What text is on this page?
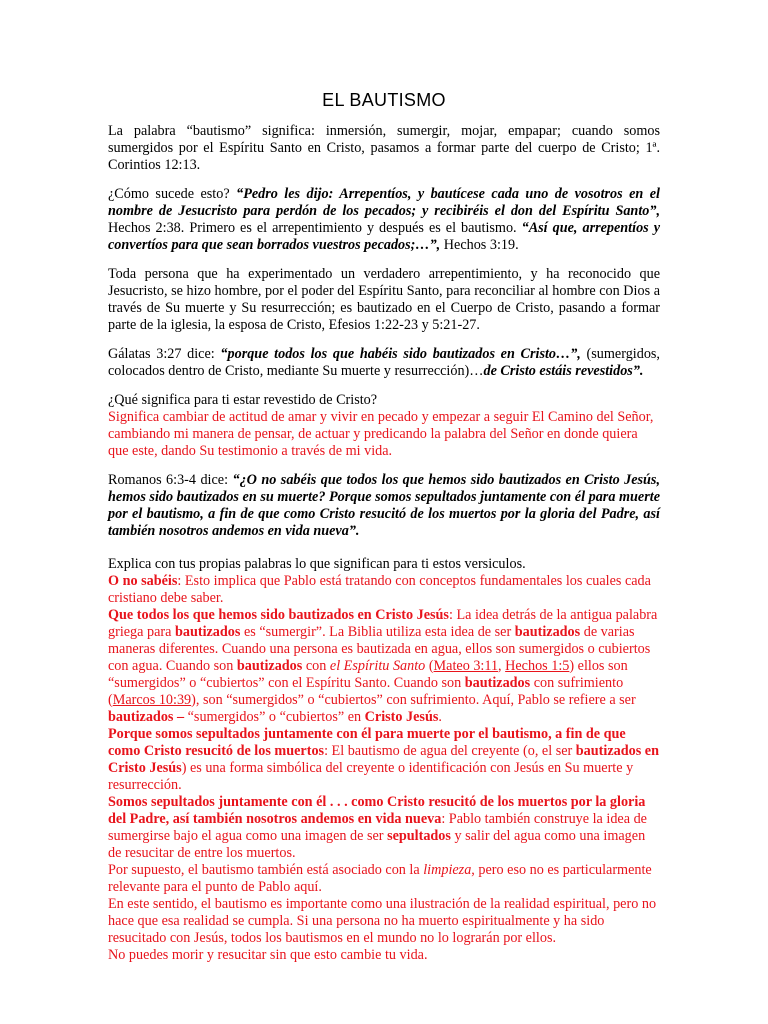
EL BAUTISMO

La palabra “bautismo” significa: inmersión, sumergir, mojar, empapar; cuando somos sumergidos por el Espíritu Santo en Cristo, pasamos a formar parte del cuerpo de Cristo; 1ª. Corintios 12:13.

¿Cómo sucede esto? “Pedro les dijo: Arrepentíos, y bautícese cada uno de vosotros en el nombre de Jesucristo para perdón de los pecados; y recibiréis el don del Espíritu Santo”, Hechos 2:38. Primero es el arrepentimiento y después es el bautismo. “Así que, arrepentíos y convertíos para que sean borrados vuestros pecados;…”, Hechos 3:19.

Toda persona que ha experimentado un verdadero arrepentimiento, y ha reconocido que Jesucristo, se hizo hombre, por el poder del Espíritu Santo, para reconciliar al hombre con Dios a través de Su muerte y Su resurrección; es bautizado en el Cuerpo de Cristo, pasando a formar parte de la iglesia, la esposa de Cristo, Efesios 1:22-23 y 5:21-27.

Gálatas 3:27 dice: “porque todos los que habéis sido bautizados en Cristo…”, (sumergidos, colocados dentro de Cristo, mediante Su muerte y resurrección)…de Cristo estáis revestidos”.

¿Qué significa para ti estar revestido de Cristo?
Significa cambiar de actitud de amar y vivir en pecado y empezar a seguir El Camino del Señor, cambiando mi manera de pensar, de actuar y predicando la palabra del Señor en donde quiera que este, dando Su testimonio a través de mi vida.

Romanos 6:3-4 dice: “¿O no sabéis que todos los que hemos sido bautizados en Cristo Jesús, hemos sido bautizados en su muerte? Porque somos sepultados juntamente con él para muerte por el bautismo, a fin de que como Cristo resucitó de los muertos por la gloria del Padre, así también nosotros andemos en vida nueva”.

Explica con tus propias palabras lo que significan para ti estos versiculos.
O no sabéis: Esto implica que Pablo está tratando con conceptos fundamentales los cuales cada cristiano debe saber.
Que todos los que hemos sido bautizados en Cristo Jesús: La idea detrás de la antigua palabra griega para bautizados es “sumergir”. La Biblia utiliza esta idea de ser bautizados de varias maneras diferentes. Cuando una persona es bautizada en agua, ellos son sumergidos o cubiertos con agua. Cuando son bautizados con el Espíritu Santo (Mateo 3:11, Hechos 1:5) ellos son “sumergidos” o “cubiertos” con el Espíritu Santo. Cuando son bautizados con sufrimiento (Marcos 10:39), son “sumergidos” o “cubiertos” con sufrimiento. Aquí, Pablo se refiere a ser bautizados – “sumergidos” o “cubiertos” en Cristo Jesús.
Porque somos sepultados juntamente con él para muerte por el bautismo, a fin de que como Cristo resucitó de los muertos: El bautismo de agua del creyente (o, el ser bautizados en Cristo Jesús) es una forma simbólica del creyente o identificación con Jesús en Su muerte y resurrección.
Somos sepultados juntamente con él . . . como Cristo resucitó de los muertos por la gloria del Padre, así también nosotros andemos en vida nueva: Pablo también construye la idea de sumergirse bajo el agua como una imagen de ser sepultados y salir del agua como una imagen de resucitar de entre los muertos.
Por supuesto, el bautismo también está asociado con la limpieza, pero eso no es particularmente relevante para el punto de Pablo aquí.
En este sentido, el bautismo es importante como una ilustración de la realidad espiritual, pero no hace que esa realidad se cumpla. Si una persona no ha muerto espiritualmente y ha sido resucitado con Jesús, todos los bautismos en el mundo no lo lograrán por ellos.
No puedes morir y resucitar sin que esto cambie tu vida.
